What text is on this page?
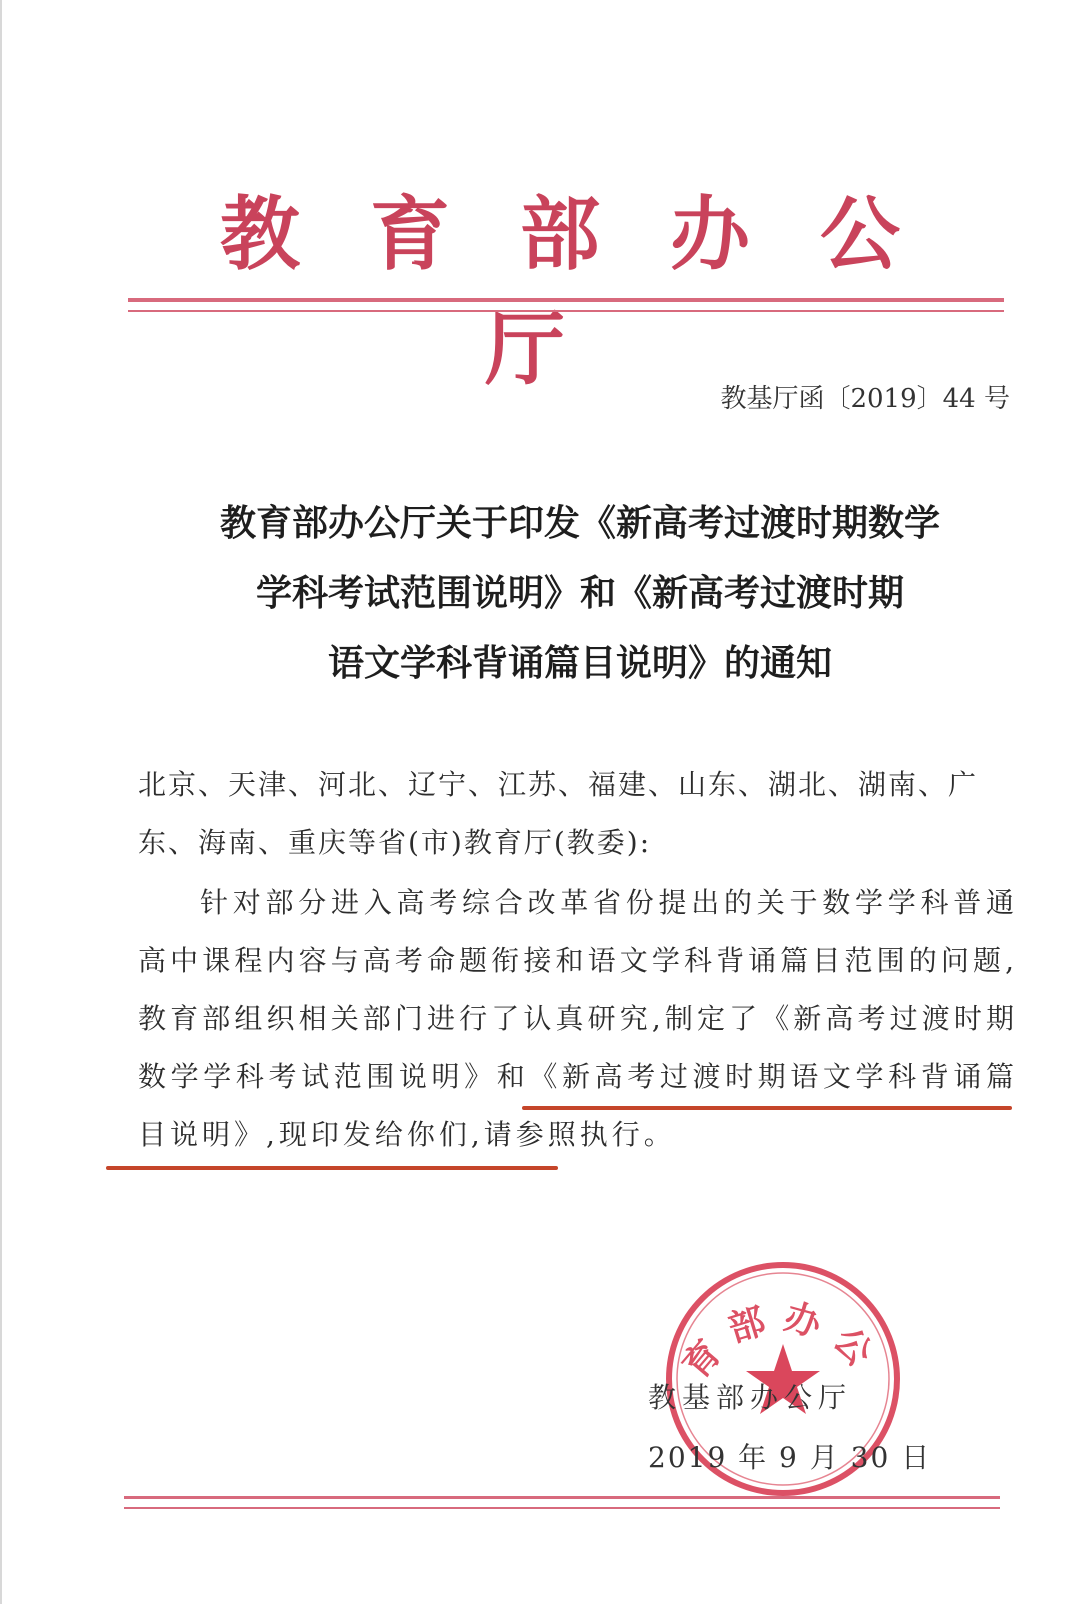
教育部办公厅
教基厅函〔2019〕44 号
教育部办公厅关于印发《新高考过渡时期数学
学科考试范围说明》和《新高考过渡时期
语文学科背诵篇目说明》的通知
北京、天津、河北、辽宁、江苏、福建、山东、湖北、湖南、广东、海南、重庆等省(市)教育厅(教委):
针对部分进入高考综合改革省份提出的关于数学学科普通高中课程内容与高考命题衔接和语文学科背诵篇目范围的问题,教育部组织相关部门进行了认真研究,制定了《新高考过渡时期数学学科考试范围说明》和《新高考过渡时期语文学科背诵篇目说明》,现印发给你们,请参照执行。
育部办公
教基部办公厅
2019 年 9 月 30 日
